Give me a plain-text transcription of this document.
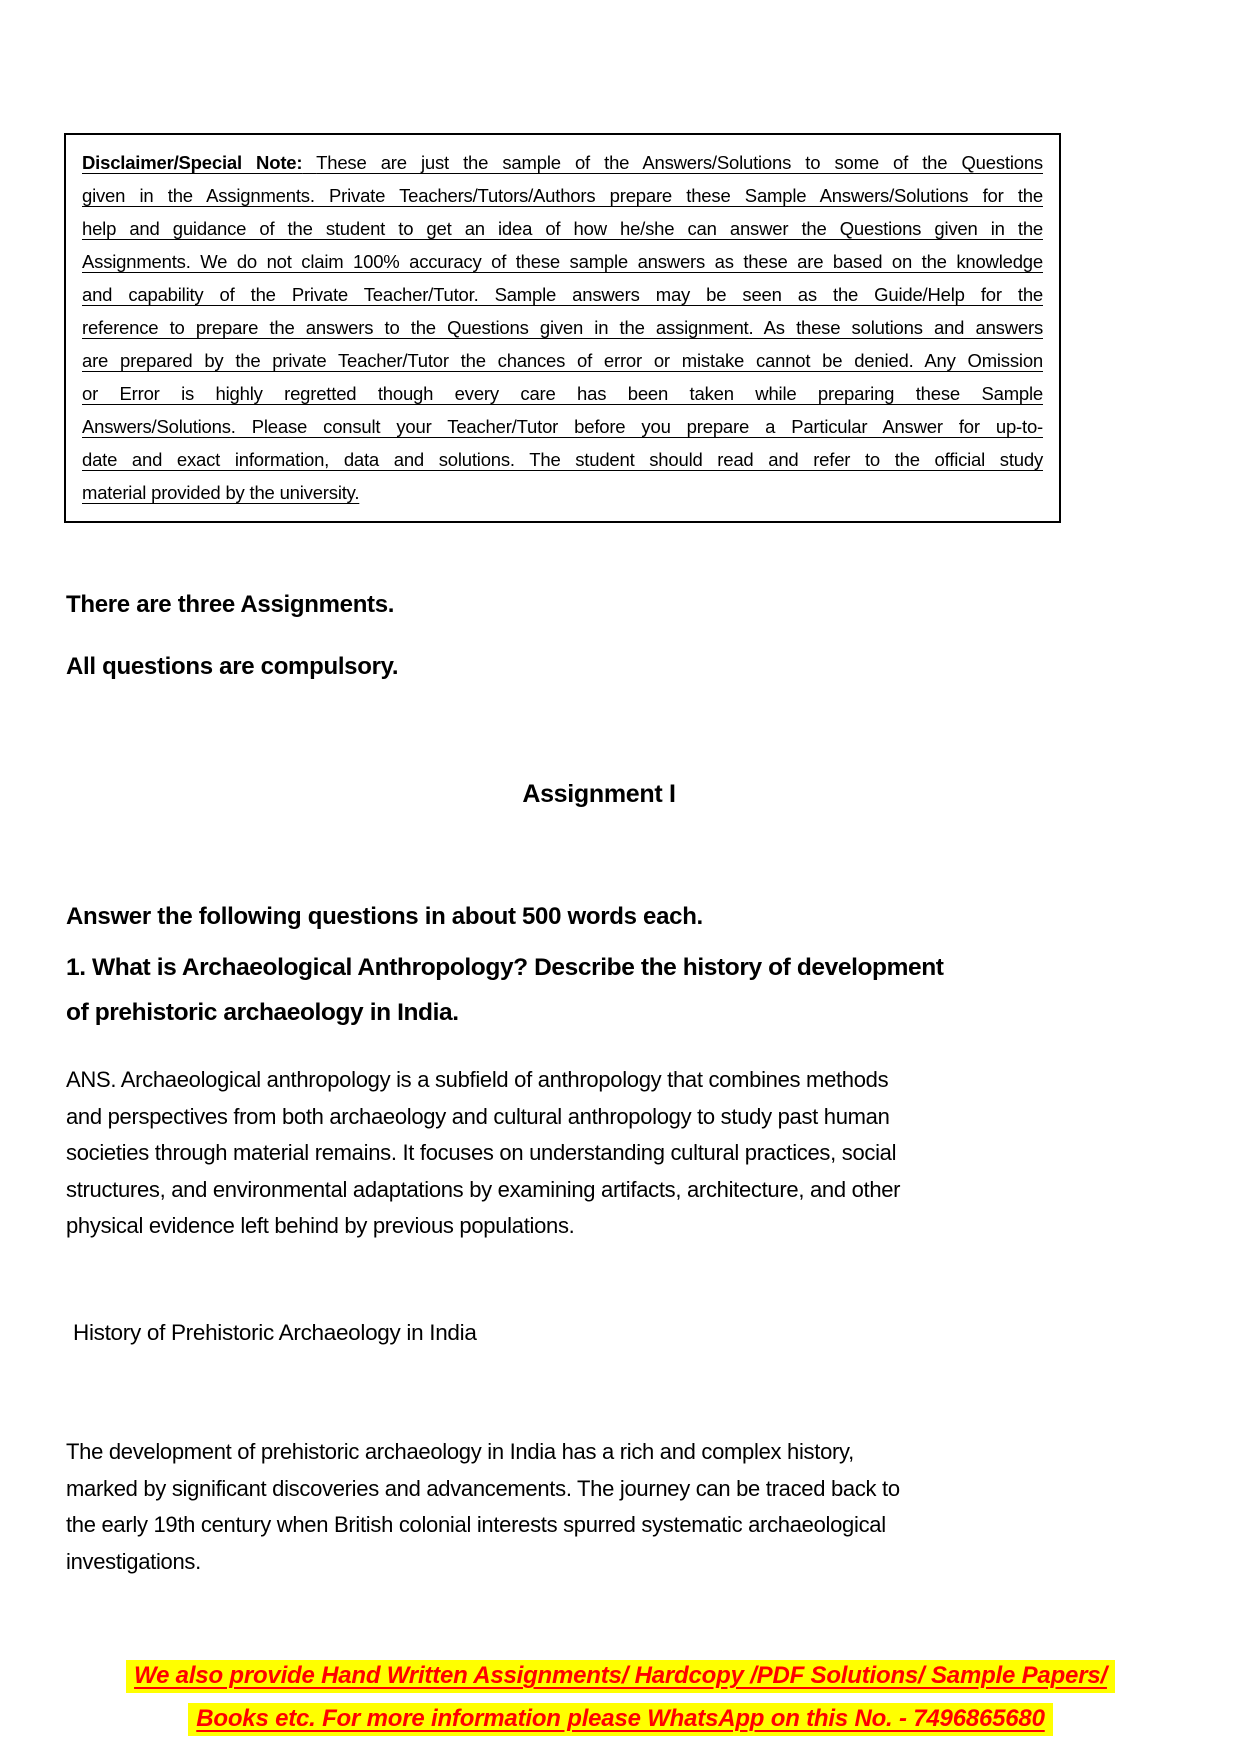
Disclaimer/Special Note: These are just the sample of the Answers/Solutions to some of the Questions
given in the Assignments. Private Teachers/Tutors/Authors prepare these Sample Answers/Solutions for the
help and guidance of the student to get an idea of how he/she can answer the Questions given in the
Assignments. We do not claim 100% accuracy of these sample answers as these are based on the knowledge
and capability of the Private Teacher/Tutor. Sample answers may be seen as the Guide/Help for the
reference to prepare the answers to the Questions given in the assignment. As these solutions and answers
are prepared by the private Teacher/Tutor the chances of error or mistake cannot be denied. Any Omission
or Error is highly regretted though every care has been taken while preparing these Sample
Answers/Solutions. Please consult your Teacher/Tutor before you prepare a Particular Answer for up-to-
date and exact information, data and solutions. The student should read and refer to the official study
material provided by the university.
There are three Assignments.
All questions are compulsory.
Assignment I
Answer the following questions in about 500 words each.
1. What is Archaeological Anthropology? Describe the history of development
of prehistoric archaeology in India.
ANS. Archaeological anthropology is a subfield of anthropology that combines methods
and perspectives from both archaeology and cultural anthropology to study past human
societies through material remains. It focuses on understanding cultural practices, social
structures, and environmental adaptations by examining artifacts, architecture, and other
physical evidence left behind by previous populations.
History of Prehistoric Archaeology in India
The development of prehistoric archaeology in India has a rich and complex history,
marked by significant discoveries and advancements. The journey can be traced back to
the early 19th century when British colonial interests spurred systematic archaeological
investigations.
We also provide Hand Written Assignments/ Hardcopy /PDF Solutions/ Sample Papers/
Books etc. For more information please WhatsApp on this No. - 7496865680
